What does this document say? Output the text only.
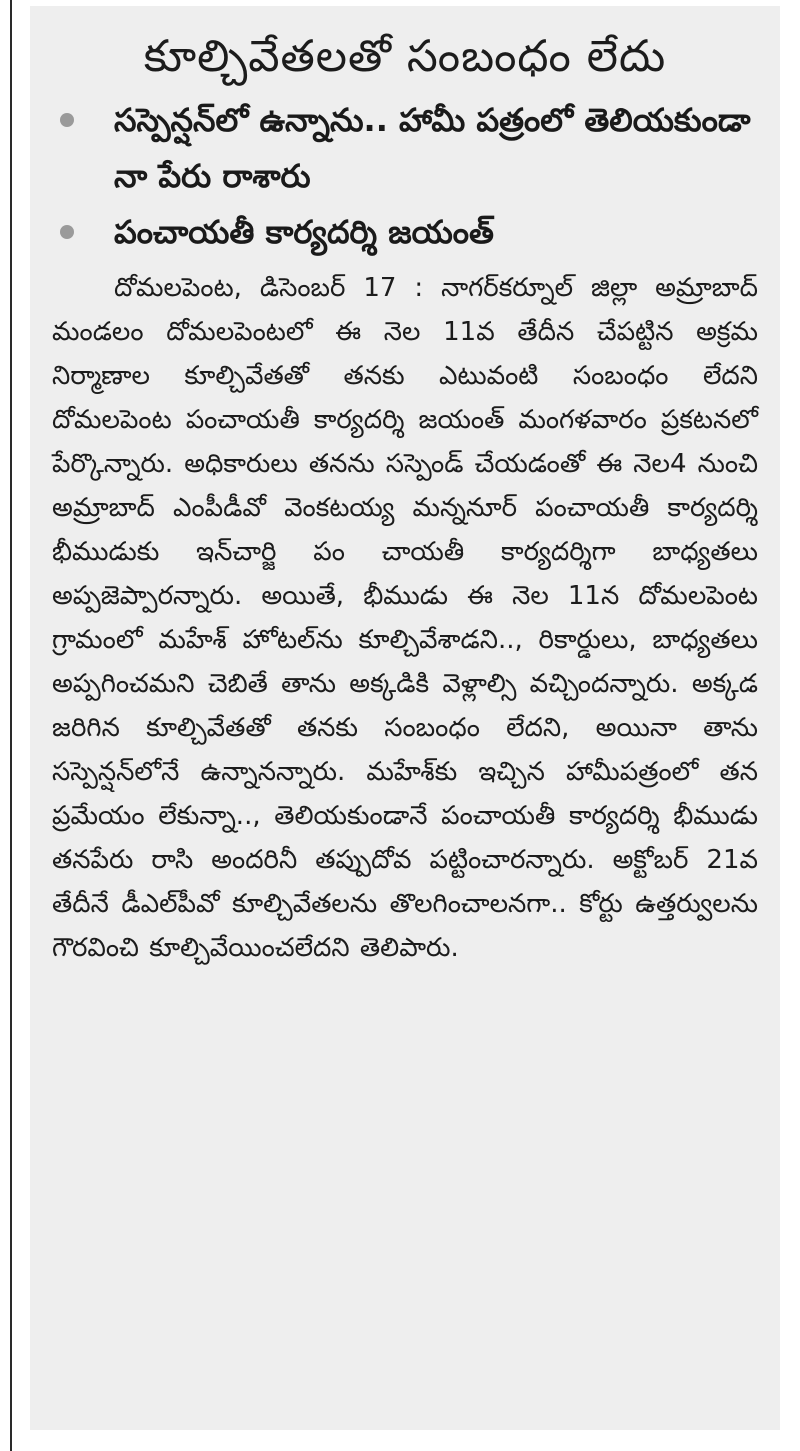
కూల్చివేతలతో సంబంధం లేదు
సస్పెన్షన్‌లో ఉన్నాను.. హామీ పత్రంలో తెలియకుండా నా పేరు రాశారు
పంచాయతీ కార్యదర్శి జయంత్

దోమలపెంట, డిసెంబర్ 17 : నాగర్‌కర్నూల్ జిల్లా అమ్రాబాద్ మండలం దోమలపెంటలో ఈ నెల 11వ తేదీన చేపట్టిన అక్రమ నిర్మాణాల కూల్చివేతతో తనకు ఎటువంటి సంబంధం లేదని దోమలపెంట పంచాయతీ కార్యదర్శి జయంత్ మంగళవారం ప్రకటనలో పేర్కొన్నారు. అధికారులు తనను సస్పెండ్ చేయడంతో ఈ నెల4 నుంచి అమ్రాబాద్ ఎంపీడీవో వెంకటయ్య మన్ననూర్ పంచాయతీ కార్యదర్శి భీముడుకు ఇన్‌చార్జి పం చాయతీ కార్యదర్శిగా బాధ్యతలు అప్పజెప్పారన్నారు. అయితే, భీముడు ఈ నెల 11న దోమలపెంట గ్రామంలో మహేశ్ హోటల్‌ను కూల్చివేశాడని.., రికార్డులు, బాధ్యతలు అప్పగించమని చెబితే తాను అక్కడికి వెళ్లాల్సి వచ్చిందన్నారు. అక్కడ జరిగిన కూల్చివేతతో తనకు సంబంధం లేదని, అయినా తాను సస్పెన్షన్‌లోనే ఉన్నానన్నారు. మహేశ్‌కు ఇచ్చిన హామీపత్రంలో తన ప్రమేయం లేకున్నా.., తెలియకుండానే పంచాయతీ కార్యదర్శి భీముడు తనపేరు రాసి అందరినీ తప్పుదోవ పట్టించారన్నారు. అక్టోబర్ 21వ తేదీనే డీఎల్‌పీవో కూల్చివేతలను తొలగించాలనగా.. కోర్టు ఉత్తర్వులను గౌరవించి కూల్చివేయించలేదని తెలిపారు.
